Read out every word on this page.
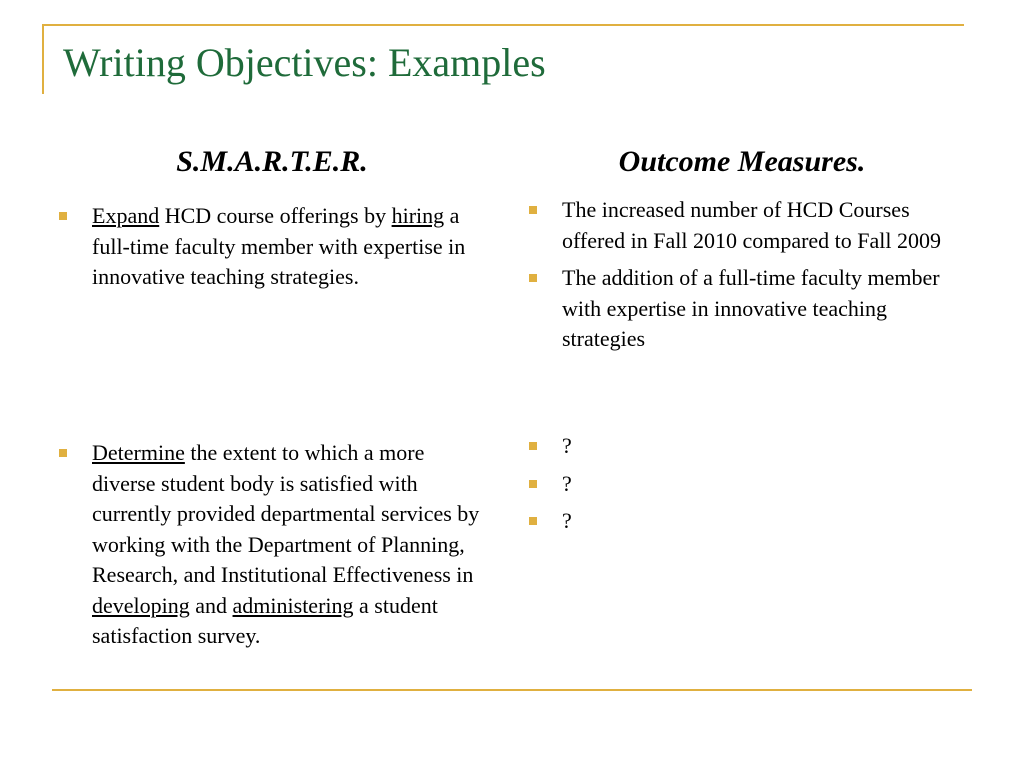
Writing Objectives: Examples
S.M.A.R.T.E.R.	Outcome Measures.
Expand HCD course offerings by hiring a full-time faculty member with expertise in innovative teaching strategies.
Determine the extent to which a more diverse student body is satisfied with currently provided departmental services by working with the Department of Planning, Research, and Institutional Effectiveness in developing and administering a student satisfaction survey.
The increased number of HCD Courses offered in Fall 2010 compared to Fall 2009
The addition of a full-time faculty member with expertise in innovative teaching strategies
?
?
?
